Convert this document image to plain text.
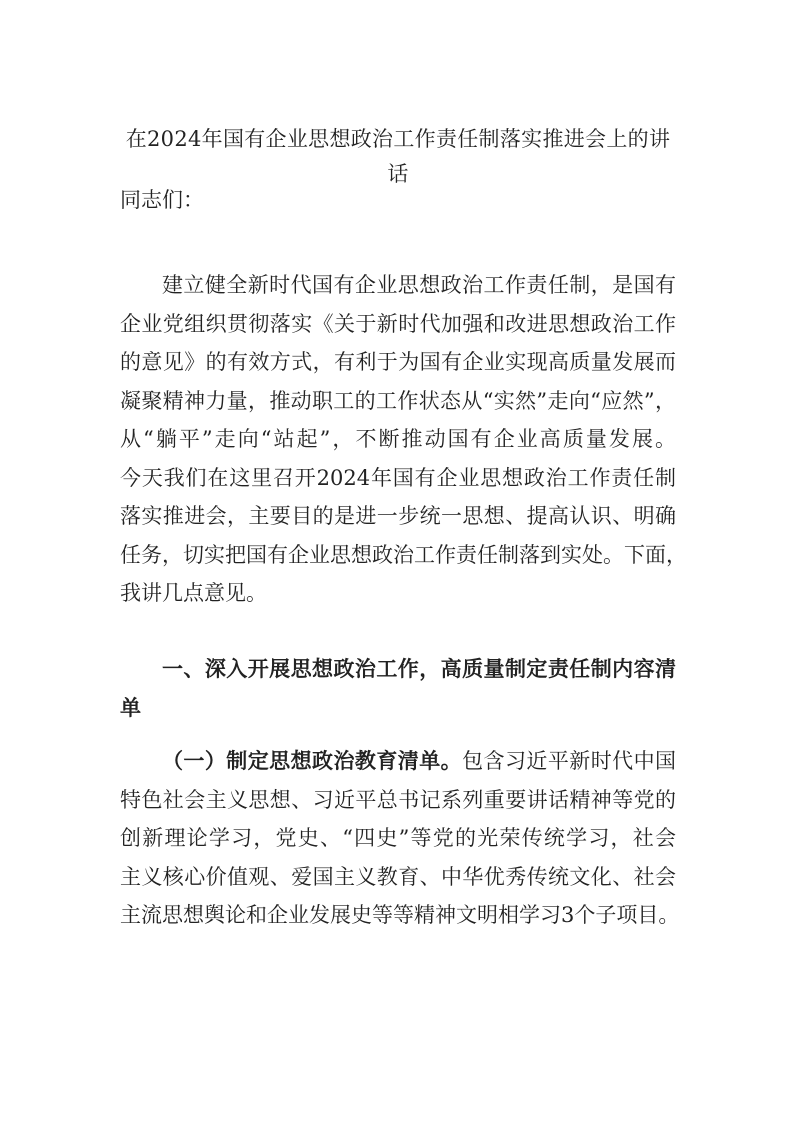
在2024年国有企业思想政治工作责任制落实推进会上的讲
话
同志们：
建立健全新时代国有企业思想政治工作责任制，是国有
企业党组织贯彻落实《关于新时代加强和改进思想政治工作
的意见》的有效方式，有利于为国有企业实现高质量发展而
凝聚精神力量，推动职工的工作状态从“实然”走向“应然”，
从“躺平”走向“站起”，不断推动国有企业高质量发展。
今天我们在这里召开2024年国有企业思想政治工作责任制
落实推进会，主要目的是进一步统一思想、提高认识、明确
任务，切实把国有企业思想政治工作责任制落到实处。下面，
我讲几点意见。
一、深入开展思想政治工作，高质量制定责任制内容清
单
（一）制定思想政治教育清单。包含习近平新时代中国
特色社会主义思想、习近平总书记系列重要讲话精神等党的
创新理论学习，党史、“四史”等党的光荣传统学习，社会
主义核心价值观、爱国主义教育、中华优秀传统文化、社会
主流思想舆论和企业发展史等等精神文明相学习3个子项目。
